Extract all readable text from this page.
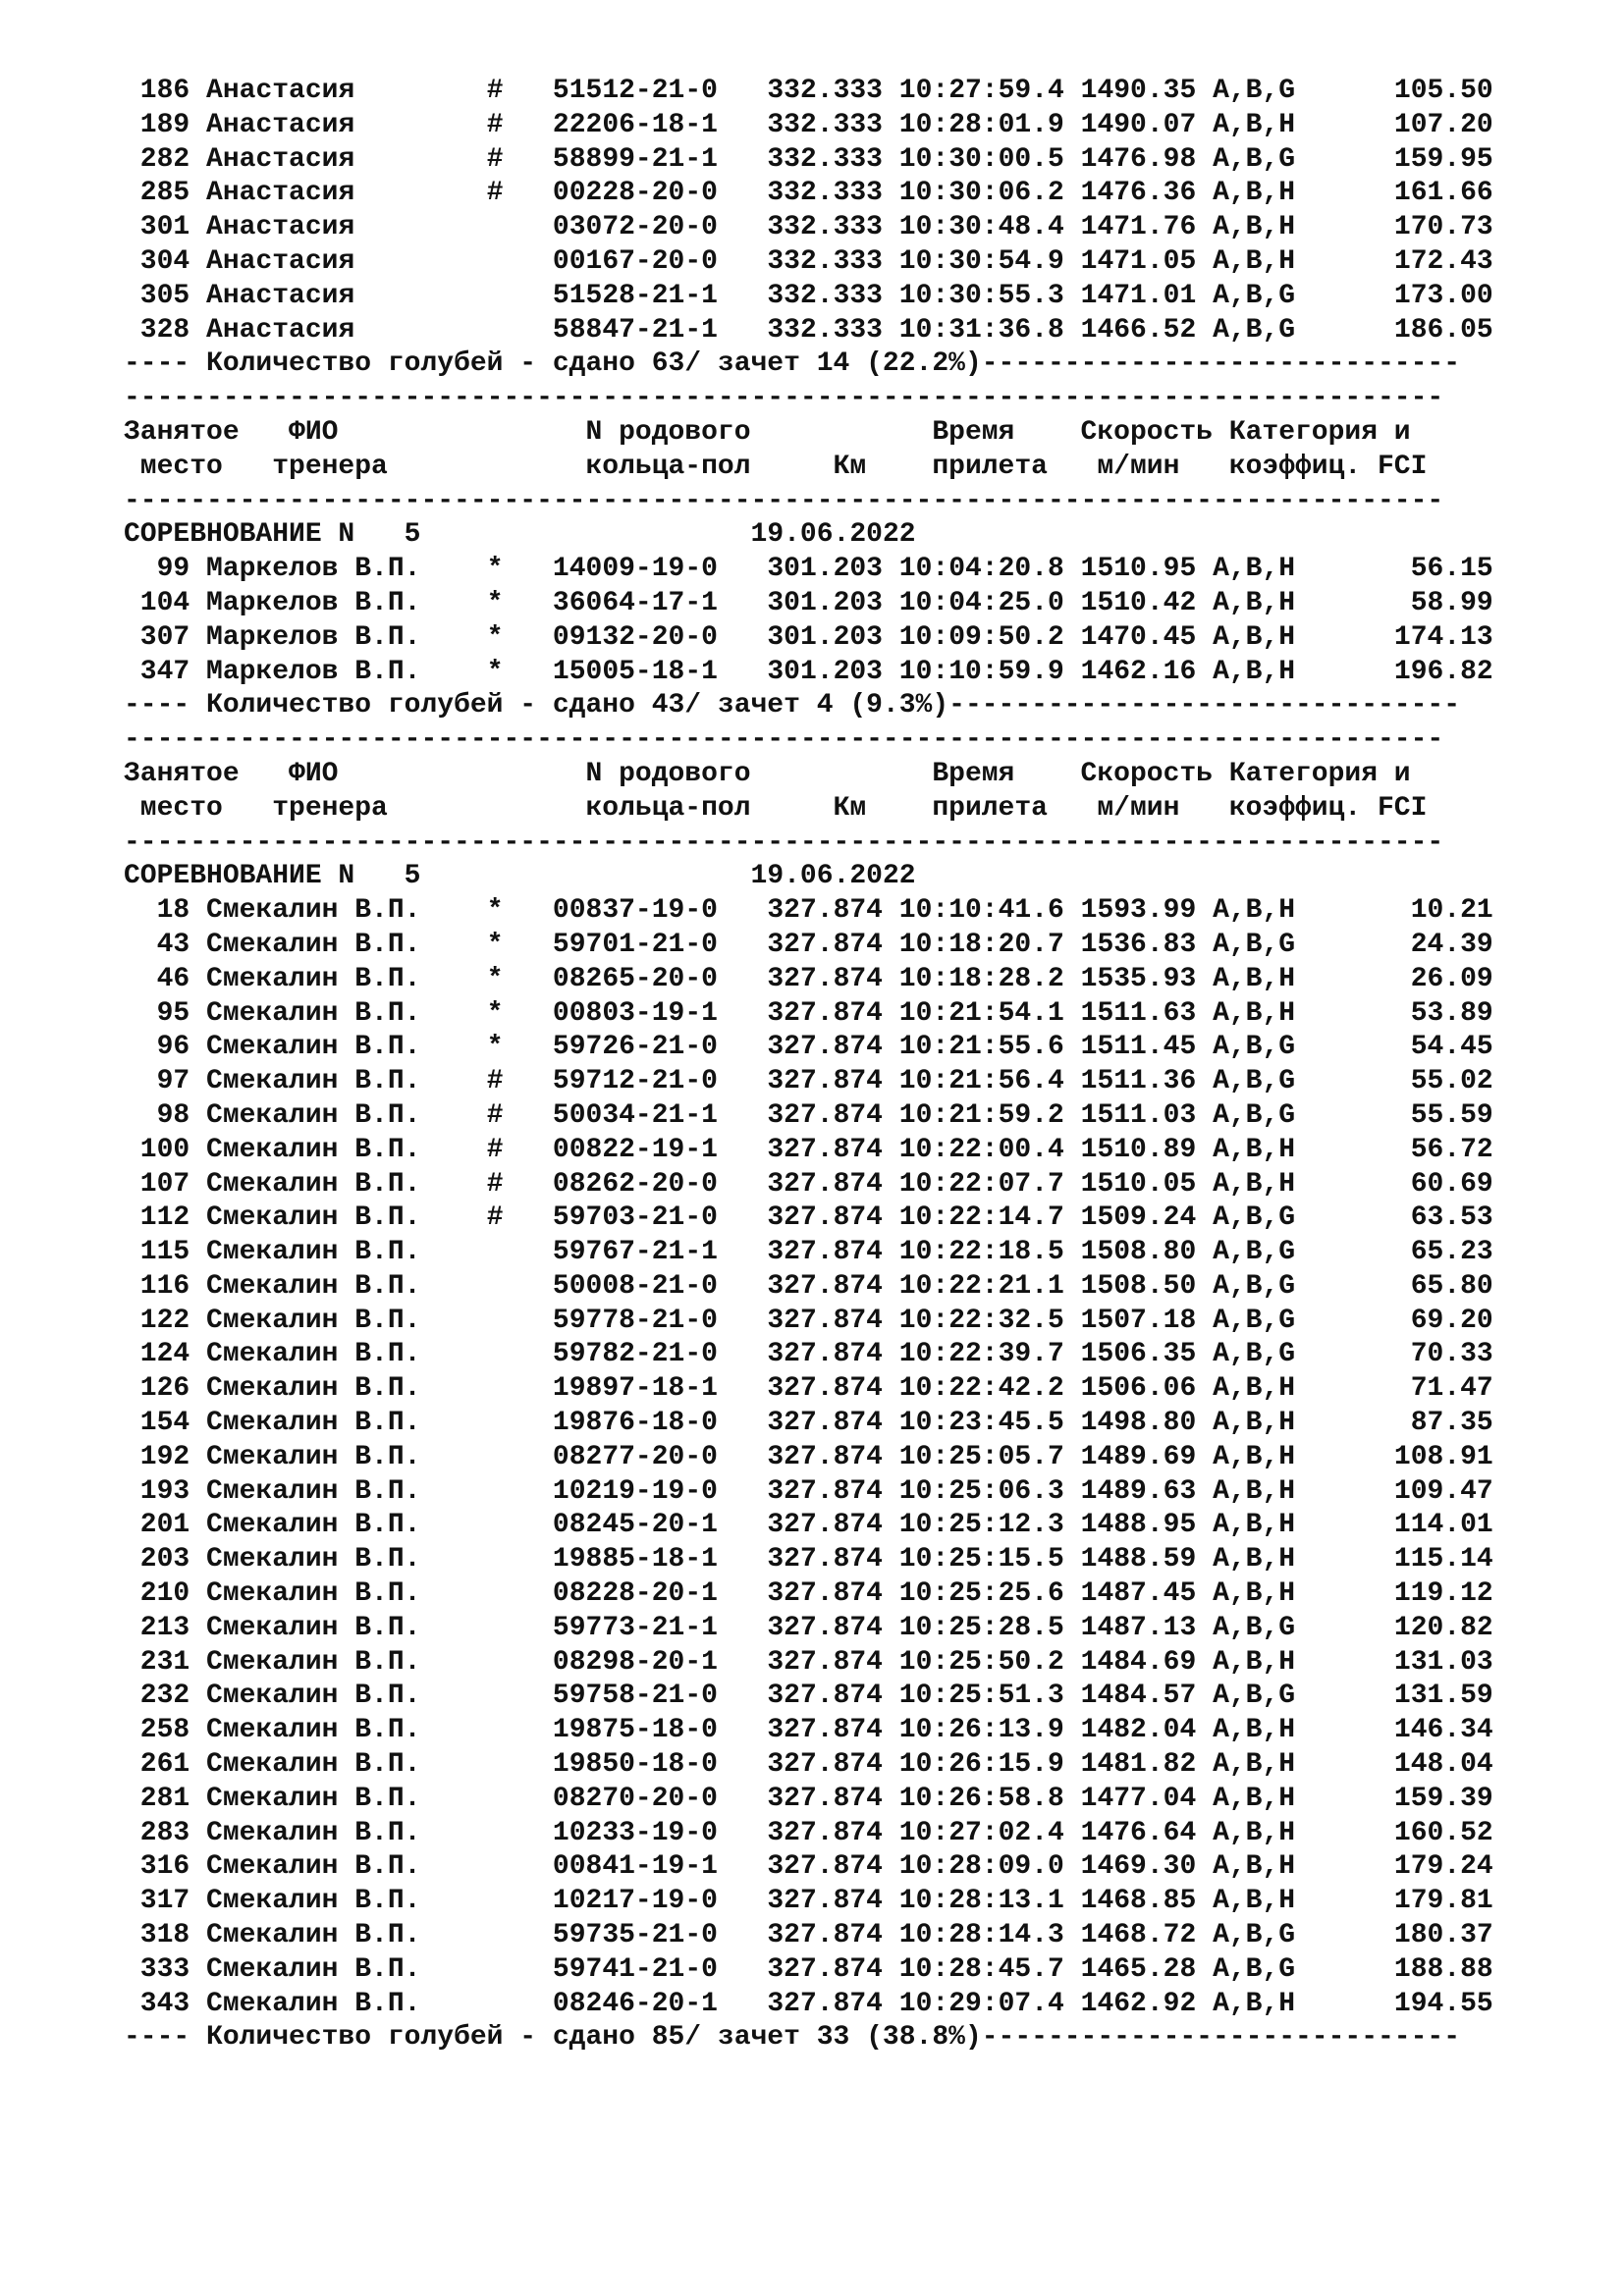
186 Анастасия        #   51512-21-0 332.333 10:27:59.4 1490.35 A,B,G      105.50
189 Анастасия        #   22206-18-1 332.333 10:28:01.9 1490.07 A,B,H      107.20
282 Анастасия        #   58899-21-1 332.333 10:30:00.5 1476.98 A,B,G      159.95
285 Анастасия        #   00228-20-0 332.333 10:30:06.2 1476.36 A,B,H      161.66
301 Анастасия            03072-20-0 332.333 10:30:48.4 1471.76 A,B,H      170.73
304 Анастасия            00167-20-0 332.333 10:30:54.9 1471.05 A,B,H      172.43
305 Анастасия            51528-21-1 332.333 10:30:55.3 1471.01 A,B,G      173.00
328 Анастасия            58847-21-1 332.333 10:31:36.8 1466.52 A,B,G      186.05
---- Количество голубей - сдано 63/ зачет 14 (22.2%)-----------------------------
--------------------------------------------------------------------------------
Занятое   ФИО               N родового           Время    Скорость Категория и
место   тренера            кольца-пол     Км    прилета   м/мин   коэффиц. FCI
--------------------------------------------------------------------------------
СОРЕВНОВАНИЕ N   5                    19.06.2022
99 Маркелов В.П.    *   14009-19-0 301.203 10:04:20.8 1510.95 A,B,H       56.15
104 Маркелов В.П.    *   36064-17-1 301.203 10:04:25.0 1510.42 A,B,H       58.99
307 Маркелов В.П.    *   09132-20-0 301.203 10:09:50.2 1470.45 A,B,H      174.13
347 Маркелов В.П.    *   15005-18-1 301.203 10:10:59.9 1462.16 A,B,H      196.82
---- Количество голубей - сдано 43/ зачет 4 (9.3%)-------------------------------
--------------------------------------------------------------------------------
Занятое   ФИО               N родового           Время    Скорость Категория и
место   тренера            кольца-пол     Км    прилета   м/мин   коэффиц. FCI
--------------------------------------------------------------------------------
СОРЕВНОВАНИЕ N   5                    19.06.2022
18 Смекалин В.П.    *   00837-19-0 327.874 10:10:41.6 1593.99 A,B,H       10.21
43 Смекалин В.П.    *   59701-21-0 327.874 10:18:20.7 1536.83 A,B,G       24.39
46 Смекалин В.П.    *   08265-20-0 327.874 10:18:28.2 1535.93 A,B,H       26.09
95 Смекалин В.П.    *   00803-19-1 327.874 10:21:54.1 1511.63 A,B,H       53.89
96 Смекалин В.П.    *   59726-21-0 327.874 10:21:55.6 1511.45 A,B,G       54.45
97 Смекалин В.П.    #   59712-21-0 327.874 10:21:56.4 1511.36 A,B,G       55.02
98 Смекалин В.П.    #   50034-21-1 327.874 10:21:59.2 1511.03 A,B,G       55.59
100 Смекалин В.П.    #   00822-19-1 327.874 10:22:00.4 1510.89 A,B,H       56.72
107 Смекалин В.П.    #   08262-20-0 327.874 10:22:07.7 1510.05 A,B,H       60.69
112 Смекалин В.П.    #   59703-21-0 327.874 10:22:14.7 1509.24 A,B,G       63.53
115 Смекалин В.П.        59767-21-1 327.874 10:22:18.5 1508.80 A,B,G       65.23
116 Смекалин В.П.        50008-21-0 327.874 10:22:21.1 1508.50 A,B,G       65.80
122 Смекалин В.П.        59778-21-0 327.874 10:22:32.5 1507.18 A,B,G       69.20
124 Смекалин В.П.        59782-21-0 327.874 10:22:39.7 1506.35 A,B,G       70.33
126 Смекалин В.П.        19897-18-1 327.874 10:22:42.2 1506.06 A,B,H       71.47
154 Смекалин В.П.        19876-18-0 327.874 10:23:45.5 1498.80 A,B,H       87.35
192 Смекалин В.П.        08277-20-0 327.874 10:25:05.7 1489.69 A,B,H      108.91
193 Смекалин В.П.        10219-19-0 327.874 10:25:06.3 1489.63 A,B,H      109.47
201 Смекалин В.П.        08245-20-1 327.874 10:25:12.3 1488.95 A,B,H      114.01
203 Смекалин В.П.        19885-18-1 327.874 10:25:15.5 1488.59 A,B,H      115.14
210 Смекалин В.П.        08228-20-1 327.874 10:25:25.6 1487.45 A,B,H      119.12
213 Смекалин В.П.        59773-21-1 327.874 10:25:28.5 1487.13 A,B,G      120.82
231 Смекалин В.П.        08298-20-1 327.874 10:25:50.2 1484.69 A,B,H      131.03
232 Смекалин В.П.        59758-21-0 327.874 10:25:51.3 1484.57 A,B,G      131.59
258 Смекалин В.П.        19875-18-0 327.874 10:26:13.9 1482.04 A,B,H      146.34
261 Смекалин В.П.        19850-18-0 327.874 10:26:15.9 1481.82 A,B,H      148.04
281 Смекалин В.П.        08270-20-0 327.874 10:26:58.8 1477.04 A,B,H      159.39
283 Смекалин В.П.        10233-19-0 327.874 10:27:02.4 1476.64 A,B,H      160.52
316 Смекалин В.П.        00841-19-1 327.874 10:28:09.0 1469.30 A,B,H      179.24
317 Смекалин В.П.        10217-19-0 327.874 10:28:13.1 1468.85 A,B,H      179.81
318 Смекалин В.П.        59735-21-0 327.874 10:28:14.3 1468.72 A,B,G      180.37
333 Смекалин В.П.        59741-21-0 327.874 10:28:45.7 1465.28 A,B,G      188.88
343 Смекалин В.П.        08246-20-1 327.874 10:29:07.4 1462.92 A,B,H      194.55
---- Количество голубей - сдано 85/ зачет 33 (38.8%)-----------------------------
